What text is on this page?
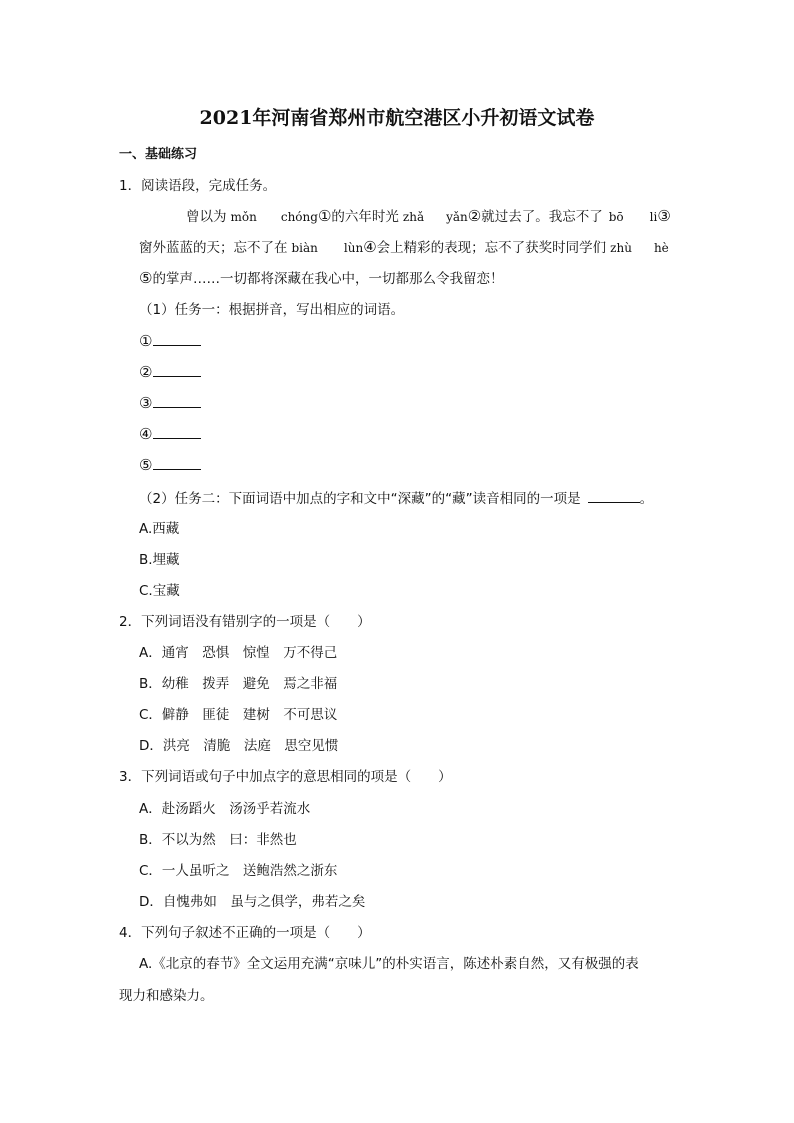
2021年河南省郑州市航空港区小升初语文试卷
一、基础练习
1．阅读语段，完成任务。
曾以为 mǒn chóng①的六年时光 zhǎ yǎn②就过去了。我忘不了 bō li③
窗外蓝蓝的天；忘不了在 biàn lùn④会上精彩的表现；忘不了获奖时同学们 zhù hè
⑤的掌声……一切都将深藏在我心中，一切都那么令我留恋！
（1）任务一：根据拼音，写出相应的词语。
①
②
③
④
⑤
（2）任务二：下面词语中加点的字和文中“深藏”的“藏”读音相同的一项是	。
A.西藏
B.埋藏
C.宝藏
2．下列词语没有错别字的一项是（　　）
A．通宵　恐惧　惊惶　万不得己
B．幼稚　拨弄　避免　焉之非福
C．僻静　匪徒　建树　不可思议
D．洪亮　清脆　法庭　思空见惯
3．下列词语或句子中加点字的意思相同的项是（　　）
A．赴汤蹈火　汤汤乎若流水
B．不以为然　曰：非然也
C．一人虽听之　送鲍浩然之浙东
D．自愧弗如　虽与之俱学，弗若之矣
4．下列句子叙述不正确的一项是（　　）
A.《北京的春节》全文运用充满“京味儿”的朴实语言，陈述朴素自然，又有极强的表
现力和感染力。
